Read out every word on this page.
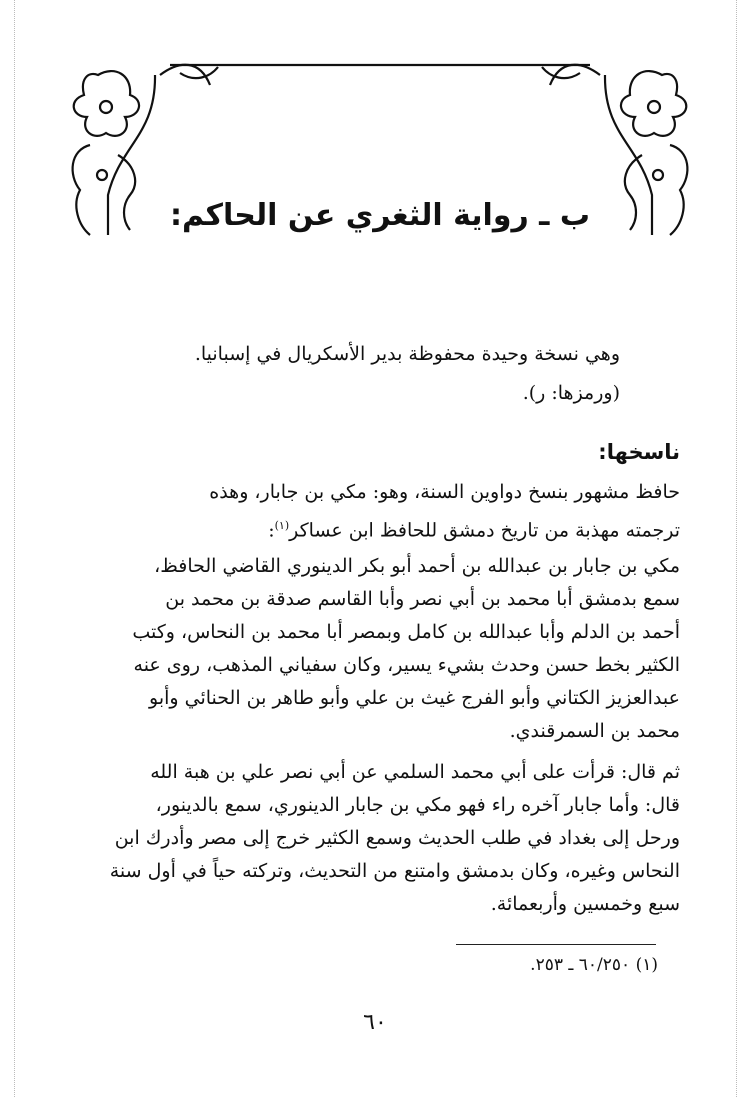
ب ـ رواية الثغري عن الحاكم:
وهي نسخة وحيدة محفوظة بدير الأسكريال في إسبانيا.
(ورمزها: ر).
ناسخها:
حافظ مشهور بنسخ دواوين السنة، وهو: مكي بن جابار، وهذه
ترجمته مهذبة من تاريخ دمشق للحافظ ابن عساكر$^{(١)}$:
مكي بن جابار بن عبدالله بن أحمد أبو بكر الدينوري القاضي الحافظ،
سمع بدمشق أبا محمد بن أبي نصر وأبا القاسم صدقة بن محمد بن
أحمد بن الدلم وأبا عبدالله بن كامل وبمصر أبا محمد بن النحاس، وكتب
الكثير بخط حسن وحدث بشيء يسير، وكان سفياني المذهب، روى عنه
عبدالعزيز الكتاني وأبو الفرج غيث بن علي وأبو طاهر بن الحنائي وأبو
محمد بن السمرقندي.
ثم قال: قرأت على أبي محمد السلمي عن أبي نصر علي بن هبة الله
قال: وأما جابار آخره راء فهو مكي بن جابار الدينوري، سمع بالدينور،
ورحل إلى بغداد في طلب الحديث وسمع الكثير خرج إلى مصر وأدرك ابن
النحاس وغيره، وكان بدمشق وامتنع من التحديث، وتركته حياً في أول سنة
سبع وخمسين وأربعمائة.
(١) ٦٠/٢٥٠ ـ ٢٥٣.
٦٠
